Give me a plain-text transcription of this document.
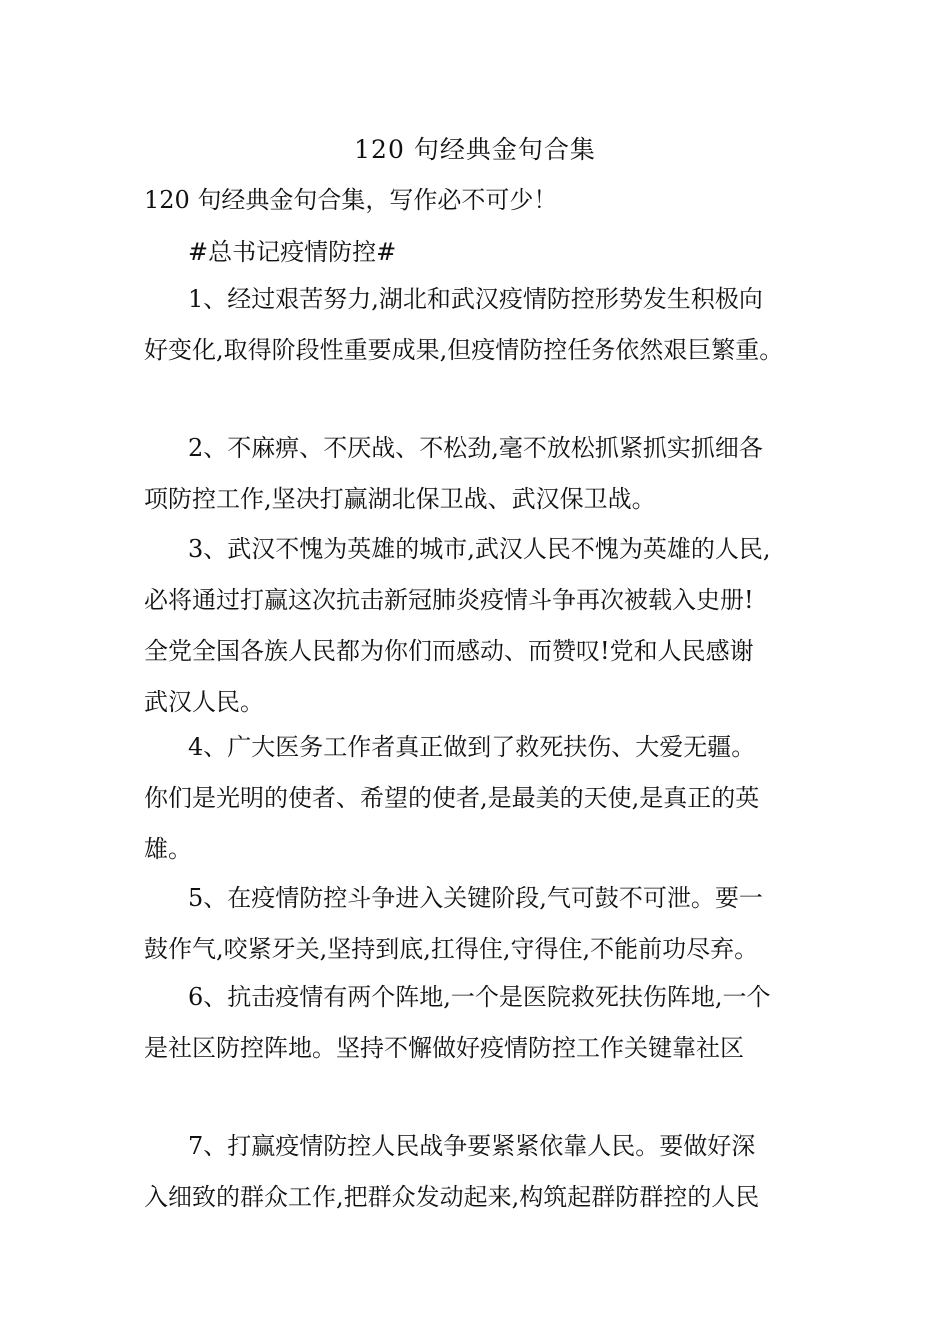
120 句经典金句合集
120 句经典金句合集，写作必不可少！
#总书记疫情防控#
1、经过艰苦努力,湖北和武汉疫情防控形势发生积极向
好变化,取得阶段性重要成果,但疫情防控任务依然艰巨繁重。
2、不麻痹、不厌战、不松劲,毫不放松抓紧抓实抓细各
项防控工作,坚决打赢湖北保卫战、武汉保卫战。
3、武汉不愧为英雄的城市,武汉人民不愧为英雄的人民,
必将通过打赢这次抗击新冠肺炎疫情斗争再次被载入史册!
全党全国各族人民都为你们而感动、而赞叹!党和人民感谢
武汉人民。
4、广大医务工作者真正做到了救死扶伤、大爱无疆。
你们是光明的使者、希望的使者,是最美的天使,是真正的英
雄。
5、在疫情防控斗争进入关键阶段,气可鼓不可泄。要一
鼓作气,咬紧牙关,坚持到底,扛得住,守得住,不能前功尽弃。
6、抗击疫情有两个阵地,一个是医院救死扶伤阵地,一个
是社区防控阵地。坚持不懈做好疫情防控工作关键靠社区
7、打赢疫情防控人民战争要紧紧依靠人民。要做好深
入细致的群众工作,把群众发动起来,构筑起群防群控的人民
